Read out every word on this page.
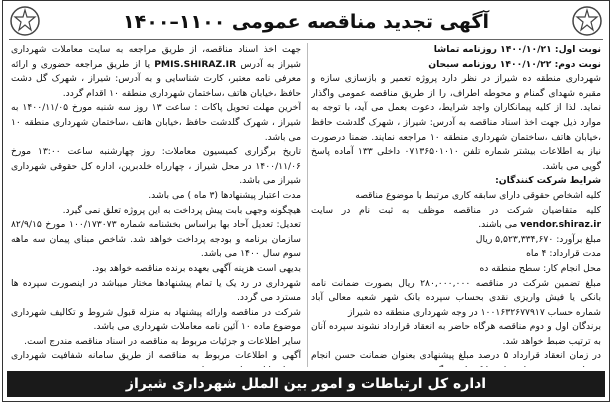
آگهی تجدید مناقصه عمومی ۱۱۰۰–۱۴۰۰

نوبت اول: ۱۴۰۰/۱۰/۲۱ روزنامه تماشا

نوبت دوم: ۱۴۰۰/۱۰/۲۲ روزنامه سبحان

شهرداری منطقه ده شیراز در نظر دارد پروژه تعمیر و بازسازی سازه و مقبره شهدای گمنام و محوطه اطراف، را از طریق مناقصه عمومی واگذار نماید. لذا از کلیه پیمانکاران واجد شرایط، دعوت بعمل می آید، با توجه به موارد ذیل جهت اخذ اسناد مناقصه به آدرس: شیراز ، شهرک گلدشت حافظ ،خیابان هاتف ،ساختمان شهرداری منطقه ۱۰ مراجعه نمایند. ضمنا درصورت نیاز به اطلاعات بیشتر شماره تلفن ۰۷۱۳۶۵۰۱۰۱۰ داخلی ۱۳۳ آماده پاسخ گویی می باشد.

شرایط شرکت کنندگان:

کلیه اشخاص حقوقی دارای سابقه کاری مرتبط با موضوع مناقصه

کلیه متقاضیان شرکت در مناقصه موظف به ثبت نام در سایت vendor.shiraz.ir می باشند.

مبلغ برآورد: ۵,۵۲۳,۳۳۴,۶۷۰ ریال

مدت قرارداد: ۴ ماه

محل انجام کار: سطح منطقه ده

مبلغ تضمین شرکت در مناقصه ۲۸۰,۰۰۰,۰۰۰ ریال بصورت ضمانت نامه بانکی یا فیش واریزی نقدی بحساب سپرده بانک شهر شعبه معالی آباد شماره حساب ۱۰۰۱۶۳۲۶۷۷۹۱۷ در وجه شهرداری منطقه ده شیراز

برندگان اول و دوم مناقصه هرگاه حاضر به انعقاد قرارداد نشوند سپرده آنان به ترتیب ضبط خواهد شد.

در زمان انعقاد قرارداد ۵ درصد مبلغ پیشنهادی بعنوان ضمانت حسن انجام

جهت اخذ اسناد مناقصه، از طریق مراجعه به سایت معاملات شهرداری شیراز به آدرس PMIS.SHIRAZ.IR یا از طریق مراجعه حضوری و ارائه معرفی نامه معتبر، کارت شناسایی و به آدرس: شیراز ، شهرک گل دشت حافظ ،خیابان هاتف ،ساختمان شهرداری منطقه ۱۰ اقدام گردد.

آخرین مهلت تحویل پاکات : ساعت ۱۳ روز سه شنبه مورخ ۱۴۰۰/۱۱/۰۵ به شیراز ، شهرک گلدشت حافظ ،خیابان هاتف ،ساختمان شهرداری منطقه ۱۰ می باشد.

تاریخ برگزاری کمیسیون معاملات: روز چهارشنبه ساعت ۱۳:۰۰ مورخ ۱۴۰۰/۱۱/۰۶ در محل شیراز ، چهارراه خلدبرین، اداره کل حقوقی شهرداری شیراز می باشد.

مدت اعتبار پیشنهادها (۳ ماه ) می باشد.

هیچگونه وجهی بابت پیش پرداخت به این پروژه تعلق نمی گیرد.

تعدیل: تعدیل آحاد بها براساس بخشنامه شماره ۱۰۰/۱۷۳۰۷۳ مورخ ۸۲/۹/۱۵ سازمان برنامه و بودجه پرداخت خواهد شد. شاخص مبنای پیمان سه ماهه سوم سال ۱۴۰۰ می باشد.

بدیهی است هزینه آگهی بعهده برنده مناقصه خواهد بود.

شهرداری در رد یک یا تمام پیشنهادها مختار میباشد در اینصورت سپرده ها مسترد می گردد.

شرکت در مناقصه وارائه پیشنهاد به منزله قبول شروط و تکالیف شهرداری موضوع ماده ۱۰ آئین نامه معاملات شهرداری می باشد.

سایر اطلاعات و جزئیات مربوط به مناقصه در اسناد مناقصه مندرج است.

آگهی و اطلاعات مربوط به مناقصه از طریق سامانه شفافیت شهرداری

اداره کل ارتباطات و امور بین الملل شهرداری شیراز
